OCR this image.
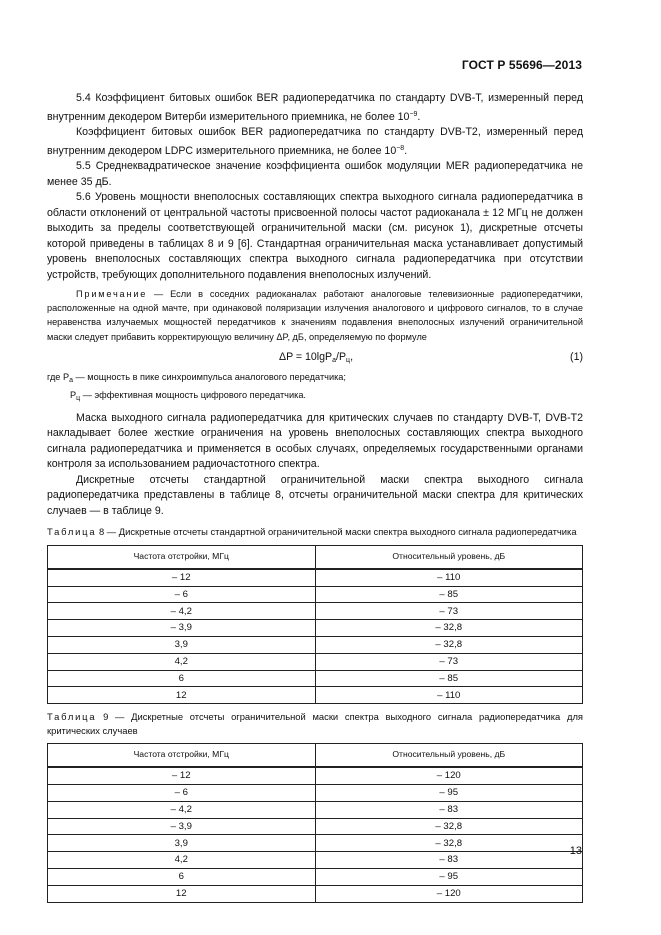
ГОСТ Р 55696—2013

5.4 Коэффициент битовых ошибок BER радиопередатчика по стандарту DVB-T, измеренный перед внутренним декодером Витерби измерительного приемника, не более $10^{-9}$.

Коэффициент битовых ошибок BER радиопередатчика по стандарту DVB-T2, измеренный перед внутренним декодером LDPC измерительного приемника, не более $10^{-8}$.

5.5 Среднеквадратическое значение коэффициента ошибок модуляции MER радиопередатчика не менее 35 дБ.

5.6 Уровень мощности внеполосных составляющих спектра выходного сигнала радиопередатчика в области отклонений от центральной частоты присвоенной полосы частот радиоканала ± 12 МГц не должен выходить за пределы соответствующей ограничительной маски (см. рисунок 1), дискретные отсчеты которой приведены в таблицах 8 и 9 [6]. Стандартная ограничительная маска устанавливает допустимый уровень внеполосных составляющих спектра выходного сигнала радиопередатчика при отсутствии устройств, требующих дополнительного подавления внеполосных излучений.

Примечание — Если в соседних радиоканалах работают аналоговые телевизионные радиопередатчики, расположенные на одной мачте, при одинаковой поляризации излучения аналогового и цифрового сигналов, то в случае неравенства излучаемых мощностей передатчиков к значениям подавления внеполосных излучений ограничительной маски следует прибавить корректирующую величину ΔP, дБ, определяемую по формуле

$\Delta P = 10\lg P_а/P_ц$,	(1)
где $P_а$ — мощность в пике синхроимпульса аналогового передатчика;
$P_ц$ — эффективная мощность цифрового передатчика.

Маска выходного сигнала радиопередатчика для критических случаев по стандарту DVB-T, DVB-T2 накладывает более жесткие ограничения на уровень внеполосных составляющих спектра выходного сигнала радиопередатчика и применяется в особых случаях, определяемых государственными органами контроля за использованием радиочастотного спектра.

Дискретные отсчеты стандартной ограничительной маски спектра выходного сигнала радиопередатчика представлены в таблице 8, отсчеты ограничительной маски спектра для критических случаев — в таблице 9.

Таблица 8 — Дискретные отсчеты стандартной ограничительной маски спектра выходного сигнала радиопередатчика

Частота отстройки, МГц	Относительный уровень, дБ
– 12	– 110
– 6	– 85
– 4,2	– 73
– 3,9	– 32,8
3,9	– 32,8
4,2	– 73
6	– 85
12	– 110

Таблица 9 — Дискретные отсчеты ограничительной маски спектра выходного сигнала радиопередатчика для критических случаев

Частота отстройки, МГц	Относительный уровень, дБ
– 12	– 120
– 6	– 95
– 4,2	– 83
– 3,9	– 32,8
3,9	– 32,8
4,2	– 83
6	– 95
12	– 120
13
